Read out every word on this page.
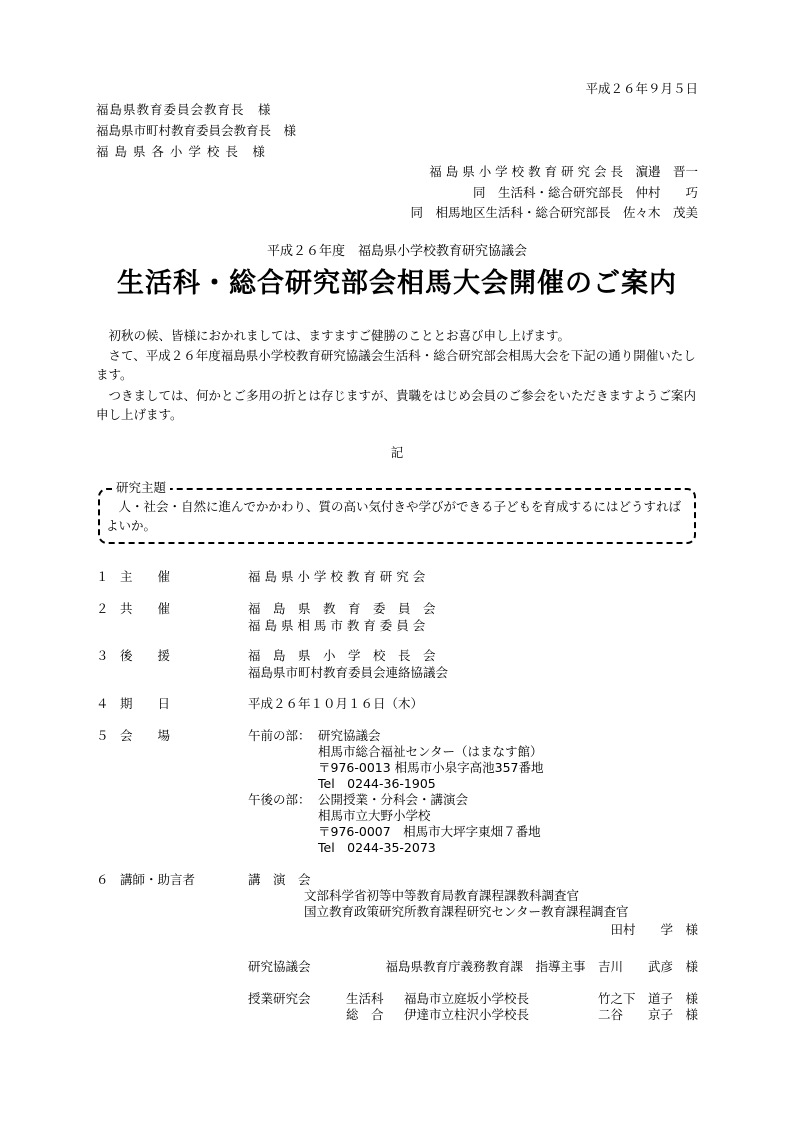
平成２６年９月５日
福島県教育委員会教育長　様
福島県市町村教育委員会教育長　様
福 島 県 各 小 学 校 長　様
福 島 県 小 学 校 教 育 研 究 会 長　濵邉　晋一
同　生活科・総合研究部長　仲村　　巧
同　相馬地区生活科・総合研究部長　佐々木　茂美
平成２６年度　福島県小学校教育研究協議会
生活科・総合研究部会相馬大会開催のご案内
初秋の候、皆様におかれましては、ますますご健勝のこととお喜び申し上げます。
さて、平成２６年度福島県小学校教育研究協議会生活科・総合研究部会相馬大会を下記の通り開催いたします。
つきましては、何かとご多用の折とは存じますが、貴職をはじめ会員のご参会をいただきますようご案内申し上げます。
記
研究主題
人・社会・自然に進んでかかわり、質の高い気付きや学びができる子どもを育成するにはどうすればよいか。
１ 主　　催	福 島 県 小 学 校 教 育 研 究 会
２ 共　　催	福　島　県　教　育　委　員　会
福 島 県 相 馬 市 教 育 委 員 会
３ 後　　援	福　島　県　小　学　校　長　会
福島県市町村教育委員会連絡協議会
４ 期　　日	平成２６年１０月１６日（木）
５ 会　　場	午前の部： 研究協議会
相馬市総合福祉センター（はまなす館）
〒976-0013 相馬市小泉字高池357番地
Tel　0244-36-1905
午後の部： 公開授業・分科会・講演会
相馬市立大野小学校
〒976-0007　相馬市大坪字東畑７番地
Tel　0244-35-2073
６ 講師・助言者	講　演　会
文部科学省初等中等教育局教育課程課教科調査官
国立教育政策研究所教育課程研究センター教育課程調査官
田村　　学　様
研究協議会	福島県教育庁義務教育課　指導主事　吉川　　武彦　様
授業研究会	生活科 福島市立庭坂小学校長	竹之下　道子　様
総　合 伊達市立柱沢小学校長	二谷　　京子　様
